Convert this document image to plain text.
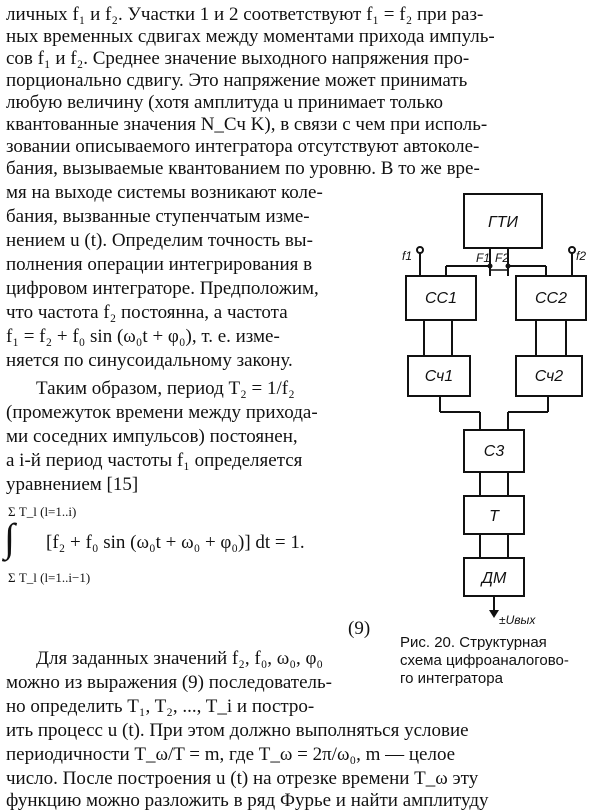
личных f₁ и f₂. Участки 1 и 2 соответствуют f₁ = f₂ при раз-
ных временных сдвигах между моментами прихода импуль-
сов f₁ и f₂. Среднее значение выходного напряжения про-
порционально сдвигу. Это напряжение может принимать
любую величину (хотя амплитуда u принимает только
квантованные значения N_Сч K), в связи с чем при исполь-
зовании описываемого интегратора отсутствуют автоколе-
бания, вызываемые квантованием по уровню. В то же вре-
мя на выходе системы возникают коле-
бания, вызванные ступенчатым изме-
нением u (t). Определим точность вы-
полнения операции интегрирования в
цифровом интеграторе. Предположим,
что частота f₂ постоянна, а частота
f₁ = f₂ + f₀ sin (ω₀t + φ₀), т. е. изме-
няется по синусоидальному закону.
Таким образом, период T₂ = 1/f₂
(промежуток времени между приходa-
ми соседних импульсов) постоянен,
а i-й период частоты f₁ определяется
уравнением [15]
Σ T_l (l=1..i)
∫ [f₂ + f₀ sin (ω₀t + ω₀ + φ₀)] dt = 1.
Σ T_l (l=1..i−1)
(9)
Для заданных значений f₂, f₀, ω₀, φ₀
можно из выражения (9) последователь-
но определить T₁, T₂, ..., T_i и постро-
ить процесс u (t). При этом должно выполняться условие
периодичности T_ω/T = m, где T_ω = 2π/ω₀, m — целое
число. После построения u (t) на отрезке времени T_ω эту
функцию можно разложить в ряд Фурье и найти амплитуду
ГТИ
СС1	СС2
Сч1	Сч2
С3
Т
ДМ
f1	f2
F1 F2
±Uвых
Рис. 20. Структурная
схема цифроаналогово-
го интегратора
